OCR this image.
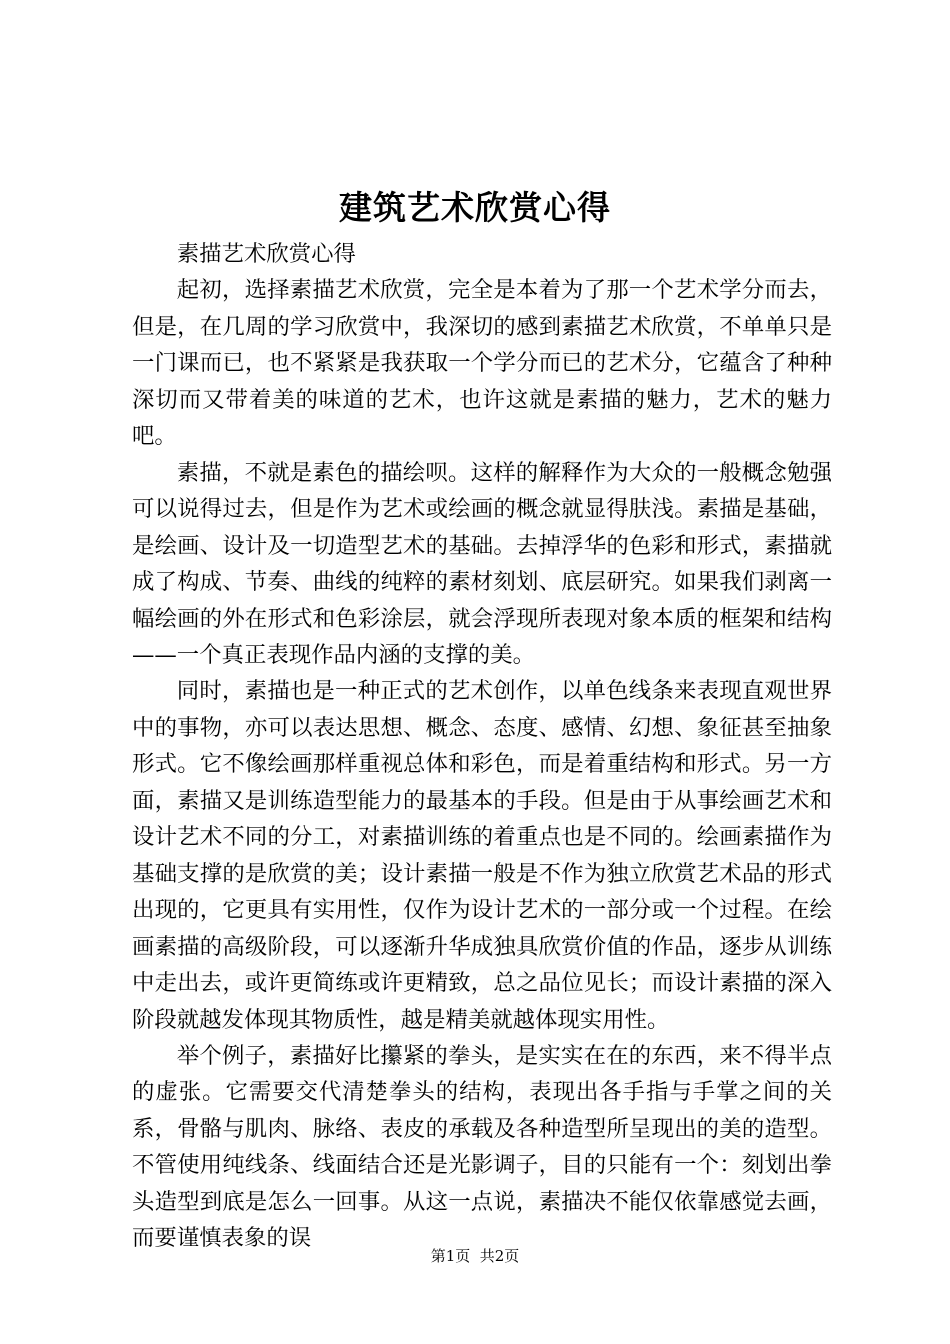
建筑艺术欣赏心得

素描艺术欣赏心得

起初，选择素描艺术欣赏，完全是本着为了那一个艺术学分而去，但是，在几周的学习欣赏中，我深切的感到素描艺术欣赏，不单单只是一门课而已，也不紧紧是我获取一个学分而已的艺术分，它蕴含了种种深切而又带着美的味道的艺术，也许这就是素描的魅力，艺术的魅力吧。

素描，不就是素色的描绘呗。这样的解释作为大众的一般概念勉强可以说得过去，但是作为艺术或绘画的概念就显得肤浅。素描是基础，是绘画、设计及一切造型艺术的基础。去掉浮华的色彩和形式，素描就成了构成、节奏、曲线的纯粹的素材刻划、底层研究。如果我们剥离一幅绘画的外在形式和色彩涂层，就会浮现所表现对象本质的框架和结构——一个真正表现作品内涵的支撑的美。

同时，素描也是一种正式的艺术创作，以单色线条来表现直观世界中的事物，亦可以表达思想、概念、态度、感情、幻想、象征甚至抽象形式。它不像绘画那样重视总体和彩色，而是着重结构和形式。另一方面，素描又是训练造型能力的最基本的手段。但是由于从事绘画艺术和设计艺术不同的分工，对素描训练的着重点也是不同的。绘画素描作为基础支撑的是欣赏的美；设计素描一般是不作为独立欣赏艺术品的形式出现的，它更具有实用性，仅作为设计艺术的一部分或一个过程。在绘画素描的高级阶段，可以逐渐升华成独具欣赏价值的作品，逐步从训练中走出去，或许更简练或许更精致，总之品位见长；而设计素描的深入阶段就越发体现其物质性，越是精美就越体现实用性。

举个例子，素描好比攥紧的拳头，是实实在在的东西，来不得半点的虚张。它需要交代清楚拳头的结构，表现出各手指与手掌之间的关系，骨骼与肌肉、脉络、表皮的承载及各种造型所呈现出的美的造型。不管使用纯线条、线面结合还是光影调子，目的只能有一个：刻划出拳头造型到底是怎么一回事。从这一点说，素描决不能仅依靠感觉去画，而要谨慎表象的误

第1页  共2页
